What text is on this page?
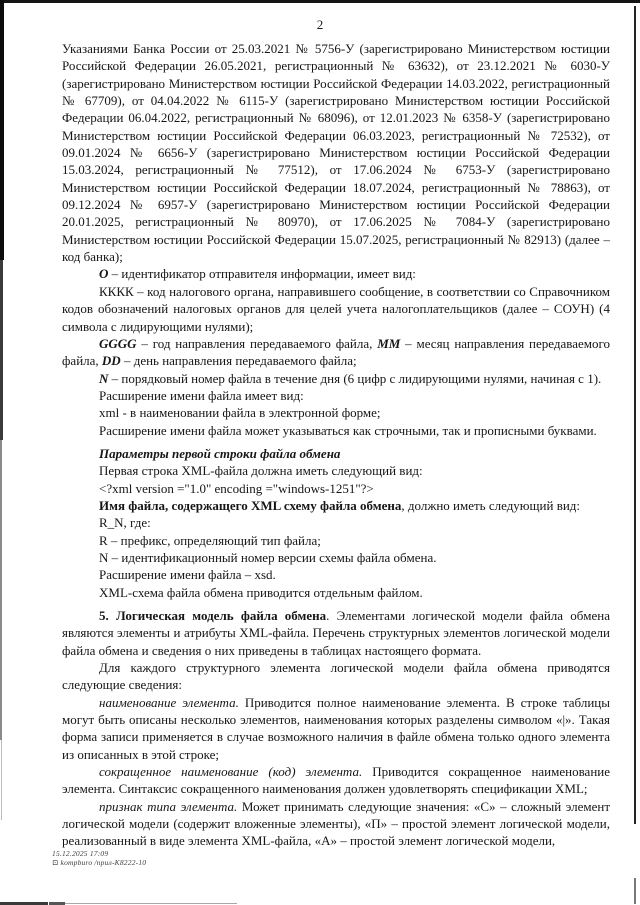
2

Указаниями Банка России от 25.03.2021 № 5756-У (зарегистрировано Министерством юстиции Российской Федерации 26.05.2021, регистрационный № 63632), от 23.12.2021 № 6030-У (зарегистрировано Министерством юстиции Российской Федерации 14.03.2022, регистрационный № 67709), от 04.04.2022 № 6115-У (зарегистрировано Министерством юстиции Российской Федерации 06.04.2022, регистрационный № 68096), от 12.01.2023 № 6358-У (зарегистрировано Министерством юстиции Российской Федерации 06.03.2023, регистрационный № 72532), от 09.01.2024 № 6656-У (зарегистрировано Министерством юстиции Российской Федерации 15.03.2024, регистрационный № 77512), от 17.06.2024 № 6753-У (зарегистрировано Министерством юстиции Российской Федерации 18.07.2024, регистрационный № 78863), от 09.12.2024 № 6957-У (зарегистрировано Министерством юстиции Российской Федерации 20.01.2025, регистрационный № 80970), от 17.06.2025 № 7084-У (зарегистрировано Министерством юстиции Российской Федерации 15.07.2025, регистрационный № 82913) (далее – код банка);

О – идентификатор отправителя информации, имеет вид:

КККК – код налогового органа, направившего сообщение, в соответствии со Справочником кодов обозначений налоговых органов для целей учета налогоплательщиков (далее – СОУН) (4 символа с лидирующими нулями);

GGGG – год направления передаваемого файла, ММ – месяц направления передаваемого файла, DD – день направления передаваемого файла;

N – порядковый номер файла в течение дня (6 цифр с лидирующими нулями, начиная с 1).

Расширение имени файла имеет вид:

xml - в наименовании файла в электронной форме;

Расширение имени файла может указываться как строчными, так и прописными буквами.

Параметры первой строки файла обмена

Первая строка XML-файла должна иметь следующий вид:

<?xml version ="1.0" encoding ="windows-1251"?>

Имя файла, содержащего XML схему файла обмена, должно иметь следующий вид:

R_N, где:

R – префикс, определяющий тип файла;

N – идентификационный номер версии схемы файла обмена.

Расширение имени файла – xsd.

XML-схема файла обмена приводится отдельным файлом.

5. Логическая модель файла обмена. Элементами логической модели файла обмена являются элементы и атрибуты XML-файла. Перечень структурных элементов логической модели файла обмена и сведения о них приведены в таблицах настоящего формата.

Для каждого структурного элемента логической модели файла обмена приводятся следующие сведения:

наименование элемента. Приводится полное наименование элемента. В строке таблицы могут быть описаны несколько элементов, наименования которых разделены символом «|». Такая форма записи применяется в случае возможного наличия в файле обмена только одного элемента из описанных в этой строке;

сокращенное наименование (код) элемента. Приводится сокращенное наименование элемента. Синтаксис сокращенного наименования должен удовлетворять спецификации XML;

признак типа элемента. Может принимать следующие значения: «С» – сложный элемент логической модели (содержит вложенные элементы), «П» – простой элемент логической модели, реализованный в виде элемента XML-файла, «А» – простой элемент логической модели,

15.12.2025 17:09
⊡ kompburo /прил-К8222-10
